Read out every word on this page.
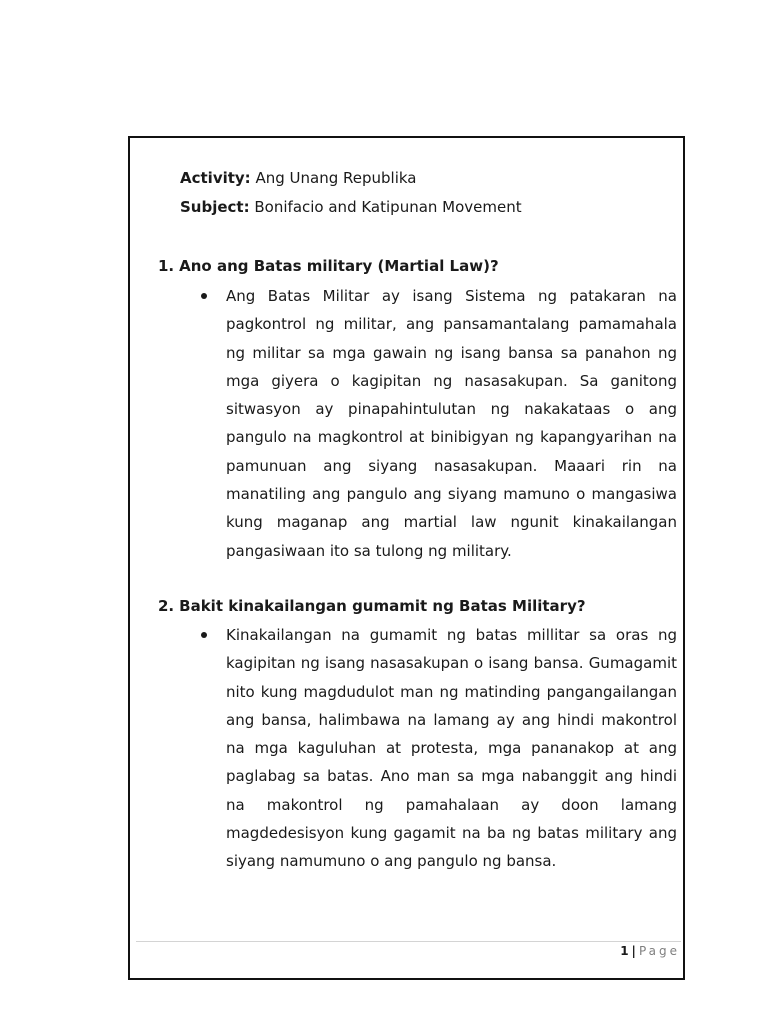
Activity: Ang Unang Republika
Subject: Bonifacio and Katipunan Movement
1. Ano ang Batas military (Martial Law)?

Ang Batas Militar ay isang Sistema ng patakaran na pagkontrol ng militar, ang pansamantalang pamamahala ng militar sa mga gawain ng isang bansa sa panahon ng mga giyera o kagipitan ng nasasakupan. Sa ganitong sitwasyon ay pinapahintulutan ng nakakataas o ang pangulo na magkontrol at binibigyan ng kapangyarihan na pamunuan ang siyang nasasakupan. Maaari rin na manatiling ang pangulo ang siyang mamuno o mangasiwa kung maganap ang martial law ngunit kinakailangan pangasiwaan ito sa tulong ng military.

2. Bakit kinakailangan gumamit ng Batas Military?

Kinakailangan na gumamit ng batas millitar sa oras ng kagipitan ng isang nasasakupan o isang bansa. Gumagamit nito kung magdudulot man ng matinding pangangailangan ang bansa, halimbawa na lamang ay ang hindi makontrol na mga kaguluhan at protesta, mga pananakop at ang paglabag sa batas. Ano man sa mga nabanggit ang hindi na makontrol ng pamahalaan ay doon lamang magdedesisyon kung gagamit na ba ng batas military ang siyang namumuno o ang pangulo ng bansa.

1 | Page
